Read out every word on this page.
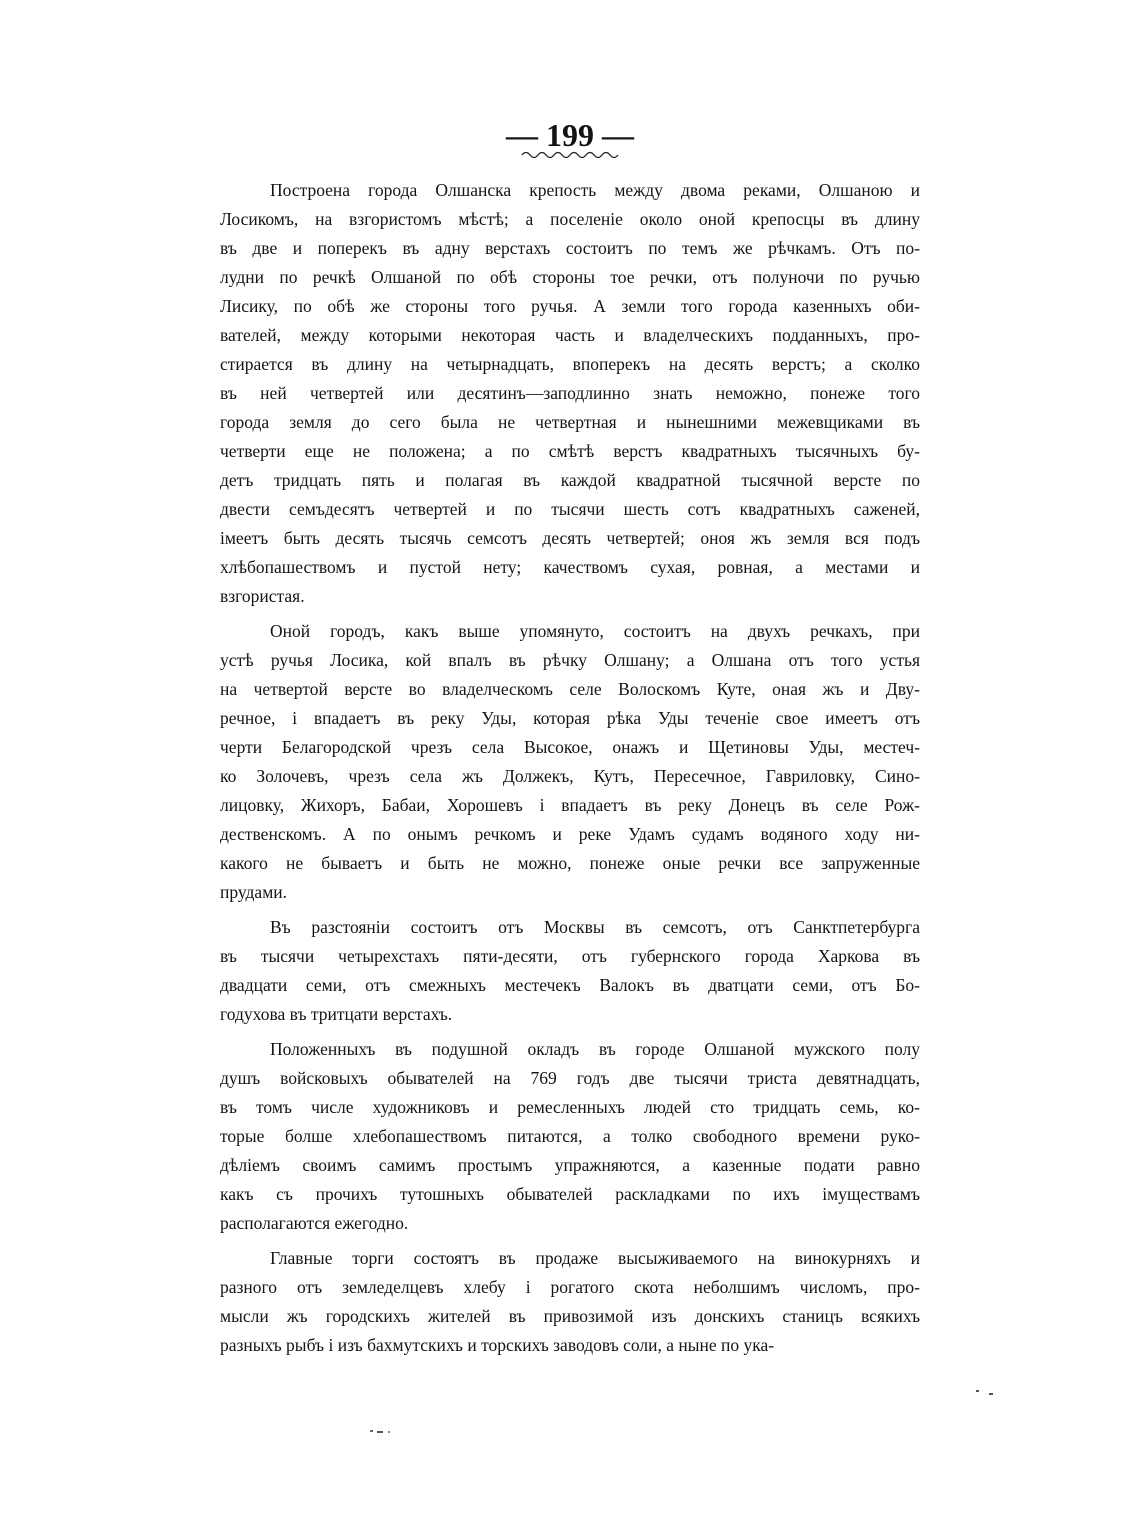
— 199 —
Построена города Олшанска крепость между двома реками, Олшаною и
Лосикомъ, на взгористомъ мѣстѣ; а поселеніе около оной крепосцы въ длину
въ две и поперекъ въ адну верстахъ состоитъ по темъ же рѣчкамъ. Отъ по-
лудни по речкѣ Олшаной по обѣ стороны тое речки, отъ полуночи по ручью
Лисику, по обѣ же стороны того ручья. А земли того города казенныхъ оби-
вателей, между которыми некоторая часть и владелческихъ подданныхъ, про-
стирается въ длину на четырнадцать, впоперекъ на десять верстъ; а сколко
въ ней четвертей или десятинъ—заподлинно знать неможно, понеже того
города земля до сего была не четвертная и нынешними межевщиками въ
четверти еще не положена; а по смѣтѣ верстъ квадратныхъ тысячныхъ бу-
детъ тридцать пять и полагая въ каждой квадратной тысячной версте по
двести семъдесятъ четвертей и по тысячи шесть сотъ квадратныхъ саженей,
імеетъ быть десять тысячь семсотъ десять четвертей; оноя жъ земля вся подъ
хлѣбопашествомъ и пустой нету; качествомъ сухая, ровная, а местами и
взгористая.
Оной городъ, какъ выше упомянуто, состоитъ на двухъ речкахъ, при
устѣ ручья Лосика, кой впалъ въ рѣчку Олшану; а Олшана отъ того устья
на четвертой версте во владелческомъ селе Волоскомъ Куте, оная жъ и Дву-
речное, і впадаетъ въ реку Уды, которая рѣка Уды теченіе свое имеетъ отъ
черти Белагородской чрезъ села Высокое, онажъ и Щетиновы Уды, местеч-
ко Золочевъ, чрезъ села жъ Должекъ, Кутъ, Пересечное, Гавриловку, Сино-
лицовку, Жихоръ, Бабаи, Хорошевъ і впадаетъ въ реку Донецъ въ селе Рож-
дественскомъ. А по онымъ речкомъ и реке Удамъ судамъ водяного ходу ни-
какого не бываетъ и быть не можно, понеже оные речки все запруженные
прудами.
Въ разстояніи состоитъ отъ Москвы въ семсотъ, отъ Санктпетербурга
въ тысячи четырехстахъ пяти-десяти, отъ губернского города Харкова въ
двадцати семи, отъ смежныхъ местечекъ Валокъ въ дватцати семи, отъ Бо-
годухова въ тритцати верстахъ.
Положенныхъ въ подушной окладъ въ городе Олшаной мужского полу
душъ войсковыхъ обывателей на 769 годъ две тысячи триста девятнадцать,
въ томъ числе художниковъ и ремесленныхъ людей сто тридцать семь, ко-
торые болше хлебопашествомъ питаются, а толко свободного времени руко-
дѣліемъ своимъ самимъ простымъ упражняются, а казенные подати равно
какъ съ прочихъ тутошныхъ обывателей раскладками по ихъ імуществамъ
располагаются ежегодно.
Главные торги состоятъ въ продаже высыживаемого на винокурняхъ и
разного отъ земледелцевъ хлебу і рогатого скота неболшимъ числомъ, про-
мысли жъ городскихъ жителей въ привозимой изъ донскихъ станицъ всякихъ
разныхъ рыбъ і изъ бахмутскихъ и торскихъ заводовъ соли, а ныне по ука-
